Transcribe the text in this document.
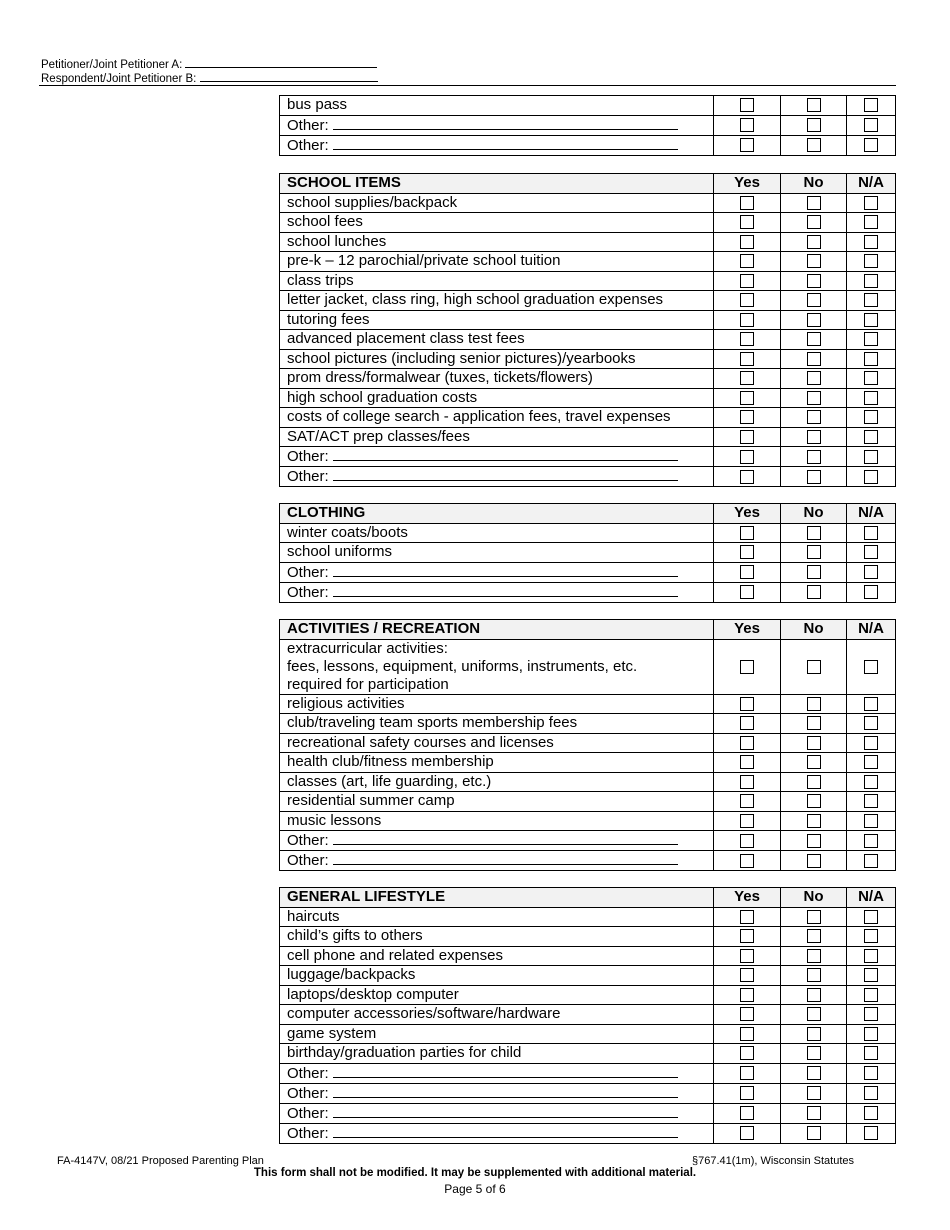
Petitioner/Joint Petitioner A:
Respondent/Joint Petitioner B:
bus pass			
Other:			
Other:			
SCHOOL ITEMS	Yes	No	N/A
school supplies/backpack			
school fees			
school lunches			
pre-k – 12 parochial/private school tuition			
class trips			
letter jacket, class ring, high school graduation expenses			
tutoring fees			
advanced placement class test fees			
school pictures (including senior pictures)/yearbooks			
prom dress/formalwear (tuxes, tickets/flowers)			
high school graduation costs			
costs of college search - application fees, travel expenses			
SAT/ACT prep classes/fees			
Other:			
Other:			
CLOTHING	Yes	No	N/A
winter coats/boots			
school uniforms			
Other:			
Other:			
ACTIVITIES / RECREATION	Yes	No	N/A

extracurricular activities:
fees, lessons, equipment, uniforms, instruments, etc.
required for participation			

religious activities			
club/traveling team sports membership fees			
recreational safety courses and licenses			
health club/fitness membership			
classes (art, life guarding, etc.)			
residential summer camp			
music lessons			
Other:			
Other:			
GENERAL LIFESTYLE	Yes	No	N/A
haircuts			
child’s gifts to others			
cell phone and related expenses			
luggage/backpacks			
laptops/desktop computer			
computer accessories/software/hardware			
game system			
birthday/graduation parties for child			
Other:			
Other:			
Other:			
Other:			
FA-4147V, 08/21 Proposed Parenting Plan	§767.41(1m), Wisconsin Statutes
This form shall not be modified. It may be supplemented with additional material.
Page 5 of 6
